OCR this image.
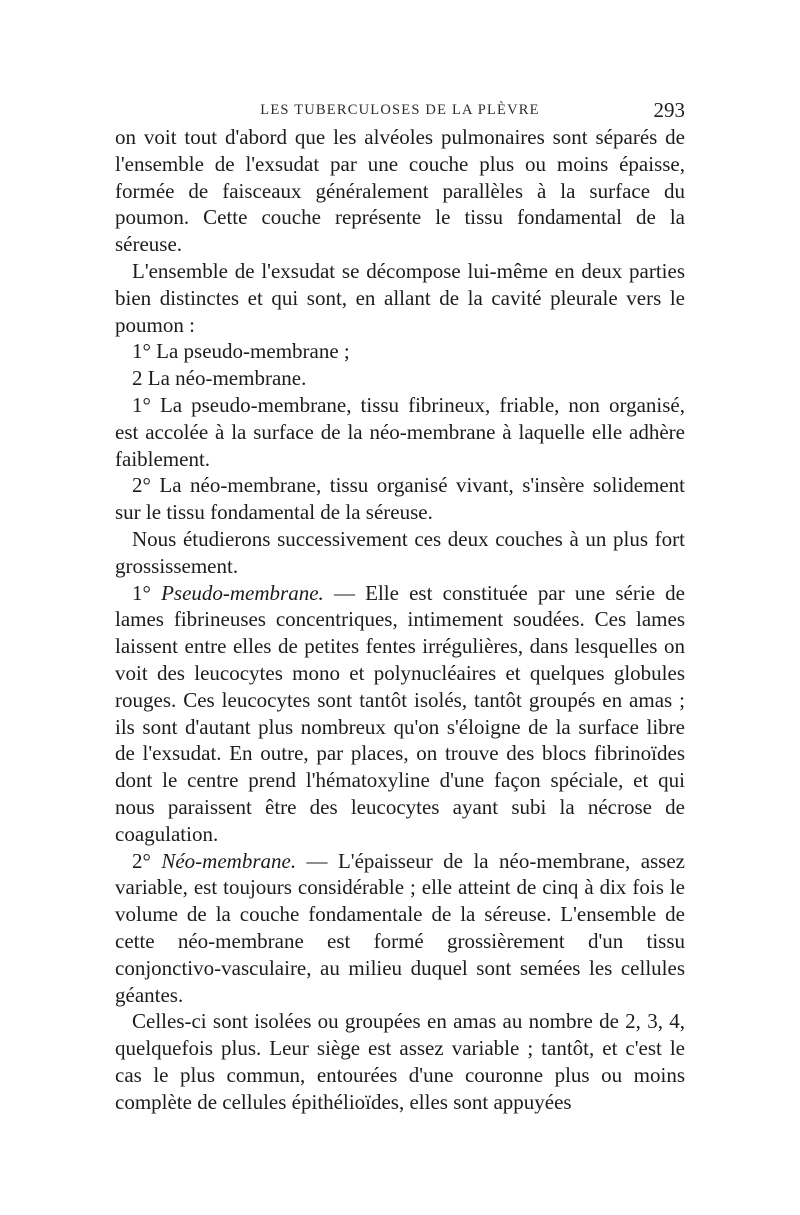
LES TUBERCULOSES DE LA PLÈVRE	293

on voit tout d'abord que les alvéoles pulmonaires sont séparés de l'ensemble de l'exsudat par une couche plus ou moins épaisse, formée de faisceaux généralement parallèles à la surface du poumon. Cette couche représente le tissu fondamental de la séreuse.

L'ensemble de l'exsudat se décompose lui-même en deux parties bien distinctes et qui sont, en allant de la cavité pleurale vers le poumon :

1° La pseudo-membrane ;

2 La néo-membrane.

1° La pseudo-membrane, tissu fibrineux, friable, non organisé, est accolée à la surface de la néo-membrane à laquelle elle adhère faiblement.

2° La néo-membrane, tissu organisé vivant, s'insère solidement sur le tissu fondamental de la séreuse.

Nous étudierons successivement ces deux couches à un plus fort grossissement.

1° Pseudo-membrane. — Elle est constituée par une série de lames fibrineuses concentriques, intimement soudées. Ces lames laissent entre elles de petites fentes irrégulières, dans lesquelles on voit des leucocytes mono et polynucléaires et quelques globules rouges. Ces leucocytes sont tantôt isolés, tantôt groupés en amas ; ils sont d'autant plus nombreux qu'on s'éloigne de la surface libre de l'exsudat. En outre, par places, on trouve des blocs fibrinoïdes dont le centre prend l'hématoxyline d'une façon spéciale, et qui nous paraissent être des leucocytes ayant subi la nécrose de coagulation.

2° Néo-membrane. — L'épaisseur de la néo-membrane, assez variable, est toujours considérable ; elle atteint de cinq à dix fois le volume de la couche fondamentale de la séreuse. L'ensemble de cette néo-membrane est formé grossièrement d'un tissu conjonctivo-vasculaire, au milieu duquel sont semées les cellules géantes.

Celles-ci sont isolées ou groupées en amas au nombre de 2, 3, 4, quelquefois plus. Leur siège est assez variable ; tantôt, et c'est le cas le plus commun, entourées d'une couronne plus ou moins complète de cellules épithélioïdes, elles sont appuyées
